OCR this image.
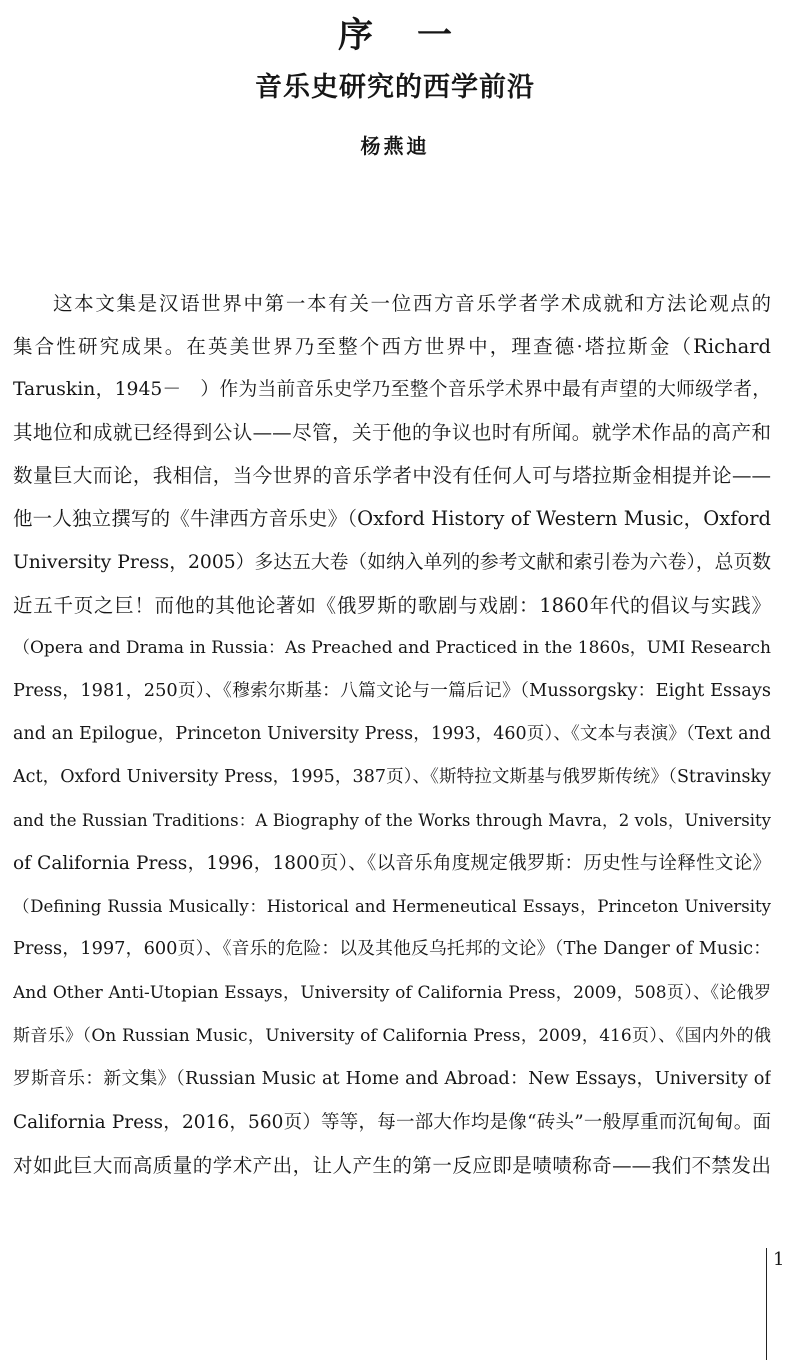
序一
音乐史研究的西学前沿
杨燕迪
这本文集是汉语世界中第一本有关一位西方音乐学者学术成就和方法论观点的
集合性研究成果。在英美世界乃至整个西方世界中，理查德·塔拉斯金（Richard
Taruskin，1945－　）作为当前音乐史学乃至整个音乐学术界中最有声望的大师级学者，
其地位和成就已经得到公认——尽管，关于他的争议也时有所闻。就学术作品的高产和
数量巨大而论，我相信，当今世界的音乐学者中没有任何人可与塔拉斯金相提并论——
他一人独立撰写的《牛津西方音乐史》（Oxford History of Western Music，Oxford
University Press，2005）多达五大卷（如纳入单列的参考文献和索引卷为六卷），总页数
近五千页之巨！而他的其他论著如《俄罗斯的歌剧与戏剧：1860年代的倡议与实践》
（Opera and Drama in Russia：As Preached and Practiced in the 1860s，UMI Research
Press，1981，250页）、《穆索尔斯基：八篇文论与一篇后记》（Mussorgsky：Eight Essays
and an Epilogue，Princeton University Press，1993，460页）、《文本与表演》（Text and
Act，Oxford University Press，1995，387页）、《斯特拉文斯基与俄罗斯传统》（Stravinsky
and the Russian Traditions：A Biography of the Works through Mavra，2 vols，University
of California Press，1996，1800页）、《以音乐角度规定俄罗斯：历史性与诠释性文论》
（Defining Russia Musically：Historical and Hermeneutical Essays，Princeton University
Press，1997，600页）、《音乐的危险：以及其他反乌托邦的文论》（The Danger of Music：
And Other Anti-Utopian Essays，University of California Press，2009，508页）、《论俄罗
斯音乐》（On Russian Music，University of California Press，2009，416页）、《国内外的俄
罗斯音乐：新文集》（Russian Music at Home and Abroad：New Essays，University of
California Press，2016，560页）等等，每一部大作均是像“砖头”一般厚重而沉甸甸。面
对如此巨大而高质量的学术产出，让人产生的第一反应即是啧啧称奇——我们不禁发出
1
